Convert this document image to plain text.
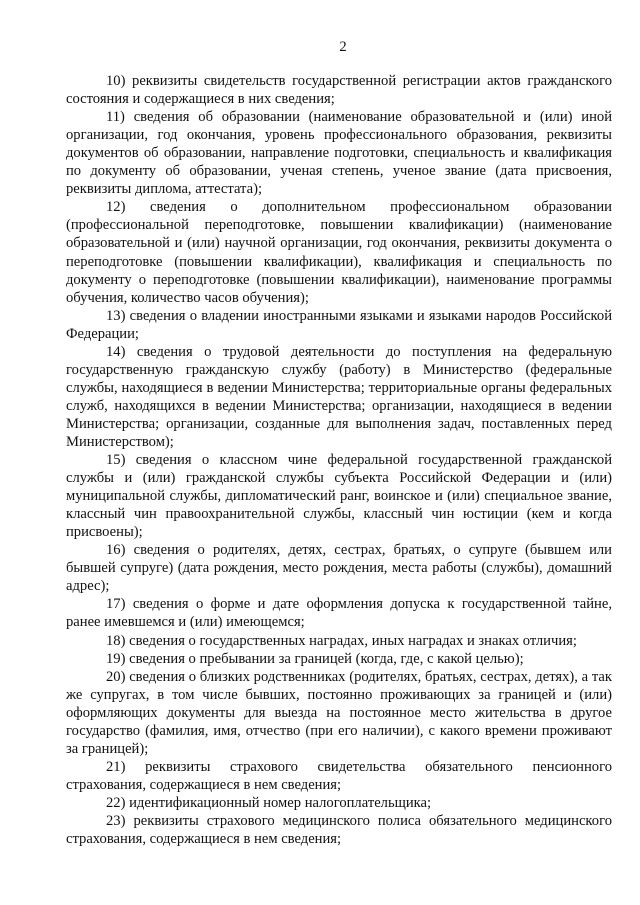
2

10) реквизиты свидетельств государственной регистрации актов гражданского состояния и содержащиеся в них сведения;

11) сведения об образовании (наименование образовательной и (или) иной организации, год окончания, уровень профессионального образования, реквизиты документов об образовании, направление подготовки, специальность и квалификация по документу об образовании, ученая степень, ученое звание (дата присвоения, реквизиты диплома, аттестата);

12) сведения о дополнительном профессиональном образовании (профессиональной переподготовке, повышении квалификации) (наименование образовательной и (или) научной организации, год окончания, реквизиты документа о переподготовке (повышении квалификации), квалификация и специальность по документу о переподготовке (повышении квалификации), наименование программы обучения, количество часов обучения);

13) сведения о владении иностранными языками и языками народов Российской Федерации;

14) сведения о трудовой деятельности до поступления на федеральную государственную гражданскую службу (работу) в Министерство (федеральные службы, находящиеся в ведении Министерства; территориальные органы федеральных служб, находящихся в ведении Министерства; организации, находящиеся в ведении Министерства; организации, созданные для выполнения задач, поставленных перед Министерством);

15) сведения о классном чине федеральной государственной гражданской службы и (или) гражданской службы субъекта Российской Федерации и (или) муниципальной службы, дипломатический ранг, воинское и (или) специальное звание, классный чин правоохранительной службы, классный чин юстиции (кем и когда присвоены);

16) сведения о родителях, детях, сестрах, братьях, о супруге (бывшем или бывшей супруге) (дата рождения, место рождения, места работы (службы), домашний адрес);

17) сведения о форме и дате оформления допуска к государственной тайне, ранее имевшемся и (или) имеющемся;

18) сведения о государственных наградах, иных наградах и знаках отличия;

19) сведения о пребывании за границей (когда, где, с какой целью);

20) сведения о близких родственниках (родителях, братьях, сестрах, детях), а так же супругах, в том числе бывших, постоянно проживающих за границей и (или) оформляющих документы для выезда на постоянное место жительства в другое государство (фамилия, имя, отчество (при его наличии), с какого времени проживают за границей);

21) реквизиты страхового свидетельства обязательного пенсионного страхования, содержащиеся в нем сведения;

22) идентификационный номер налогоплательщика;

23) реквизиты страхового медицинского полиса обязательного медицинского страхования, содержащиеся в нем сведения;
